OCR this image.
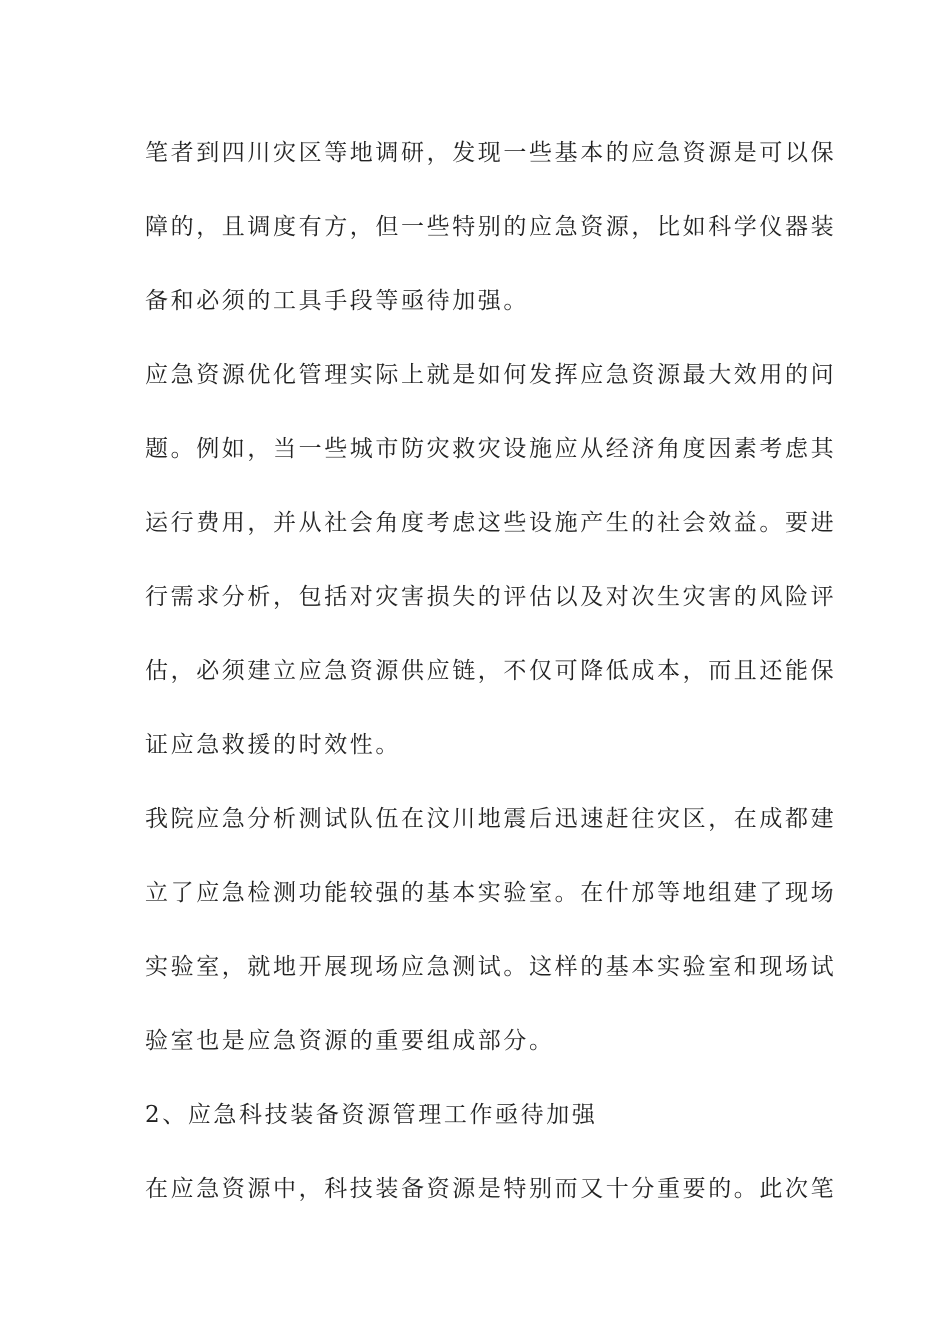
笔者到四川灾区等地调研，发现一些基本的应急资源是可以保
障的，且调度有方，但一些特别的应急资源，比如科学仪器装
备和必须的工具手段等亟待加强。
应急资源优化管理实际上就是如何发挥应急资源最大效用的问
题。例如，当一些城市防灾救灾设施应从经济角度因素考虑其
运行费用，并从社会角度考虑这些设施产生的社会效益。要进
行需求分析，包括对灾害损失的评估以及对次生灾害的风险评
估，必须建立应急资源供应链，不仅可降低成本，而且还能保
证应急救援的时效性。
我院应急分析测试队伍在汶川地震后迅速赶往灾区，在成都建
立了应急检测功能较强的基本实验室。在什邡等地组建了现场
实验室，就地开展现场应急测试。这样的基本实验室和现场试
验室也是应急资源的重要组成部分。
2、应急科技装备资源管理工作亟待加强
在应急资源中，科技装备资源是特别而又十分重要的。此次笔
